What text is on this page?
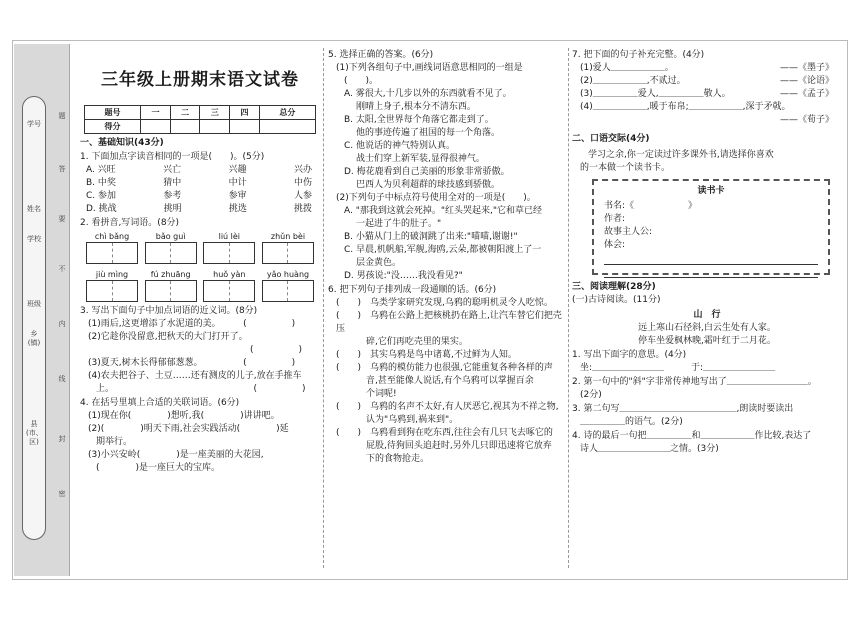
县(市、区)
学号
姓名
学校
班级
乡(镇)
题
答
要
不
内
线
封
密
三年级上册期末语文试卷
题号	一	二	三	四	总分
得分					
一、基础知识(43分)
1. 下面加点字读音相同的一项是(　　)。(5分)
A. 兴旺	兴亡	兴趣	兴办
B. 中奖	猜中	中计	中伤
C. 参加	参考	参审	人参
D. 挑战	挑明	挑选	挑拨
2. 看拼音,写词语。(8分)
chì bǎng	bǎo guì	liú lèi	zhǔn bèi
jiù mìng	fú zhuāng	huǒ yàn	yǎo huàng
3. 写出下面句子中加点词语的近义词。(8分)
(1)雨后,这更增添了水泥道的美。　　　(　　　　　)
(2)它趁你没留意,把秋天的大门打开了。
　　　　　　　　　　　　　　　　　　(　　　　　)
(3)夏天,树木长得郁郁葱葱。　　　　　(　　　　　)
(4)农夫把谷子、土豆……还有测皮的儿子,放在手推车
上。　　　　　　　　　　　　　　　　(　　　　　)
4. 在括号里填上合适的关联词语。(6分)
(1)现在你(　　　　)想听,我(　　　　)讲讲吧。
(2)(　　　　)明天下雨,社会实践活动(　　　　)延
期举行。
(3)小兴安岭(　　　　)是一座美丽的大花园,
(　　　　)是一座巨大的宝库。
5. 选择正确的答案。(6分)
(1)下列各组句子中,画线词语意思相同的一组是
(　　)。
A. 雾很大,十几步以外的东西就看不见了。
刚晴上身子,根本分不清东西。
B. 太阳,全世界每个角落它都走到了。
他的事迹传遍了祖国的每一个角落。
C. 他说话的神气特别认真。
战士们穿上新军装,显得很神气。
D. 梅花鹿看到自己美丽的形象非常骄傲。
巴西人为贝利超群的球技感到骄傲。
(2)下列句子中标点符号使用全对的一项是(　　)。
A. "那我到这就会死掉。"红头哭起来,"它和草已经
一起进了牛的肚子。"
B. 小猫从门上的破洞跳了出来:"喵喵,谢谢!"
C. 早晨,机帆船,军舰,海鸥,云朵,都被朝阳渡上了一
层金黄色。
D. 男孩说:"没……我没看见?"
6. 把下列句子排列成一段通顺的话。(6分)
(　　)　乌类学家研究发现,乌鸦的聪明机灵令人吃惊。
(　　)　乌鸦在公路上把核桃扔在路上,让汽车替它们把壳压
碎,它们再吃壳里的果实。
(　　)　其实乌鸦是鸟中诸葛,不过鲜为人知。
(　　)　乌鸦的模仿能力也很强,它能重复各种各样的声
音,甚至能像人说话,有个乌鸦可以掌握百余
个词呢!
(　　)　乌鸦的名声不太好,有人厌恶它,视其为不祥之物,
认为"乌鸦到,祸来到"。
(　　)　乌鸦看到狗在吃东西,往往会有几只飞去啄它的
屁股,待狗回头追赶时,另外几只即迅速将它放弃
下的食物抢走。
7. 把下面的句子补充完整。(4分)
(1)爱人＿＿＿＿＿＿。	——《墨子》
(2)＿＿＿＿＿＿,不贰过。	——《论语》
(3)＿＿＿＿＿爱人,＿＿＿＿＿敬人。	——《孟子》
(4)＿＿＿＿＿＿,暖于布帛;＿＿＿＿＿＿,深于矛戟。
——《荀子》
二、口语交际(4分)
学习之余,你一定读过许多课外书,请选择你喜欢
的一本做一个读书卡。
读书卡
书名:《　　　　　　》
作者:
故事主人公:
体会:
三、阅读理解(28分)
(一)古诗阅读。(11分)
山　行
远上寒山石径斜,白云生处有人家。
停车坐爱枫林晚,霜叶红于二月花。
1. 写出下面字的意思。(4分)
坐:＿＿＿＿＿＿＿＿　　　于:＿＿＿＿＿＿＿＿
2. 第一句中的"斜"字非常传神地写出了＿＿＿＿＿＿＿＿＿。
(2分)
3. 第二句写＿＿＿＿＿＿＿＿＿＿＿＿＿,朗读时要读出
＿＿＿＿＿的语气。(2分)
4. 诗的最后一句把＿＿＿＿＿和＿＿＿＿＿＿作比较,表达了
诗人＿＿＿＿＿＿＿＿之情。(3分)
